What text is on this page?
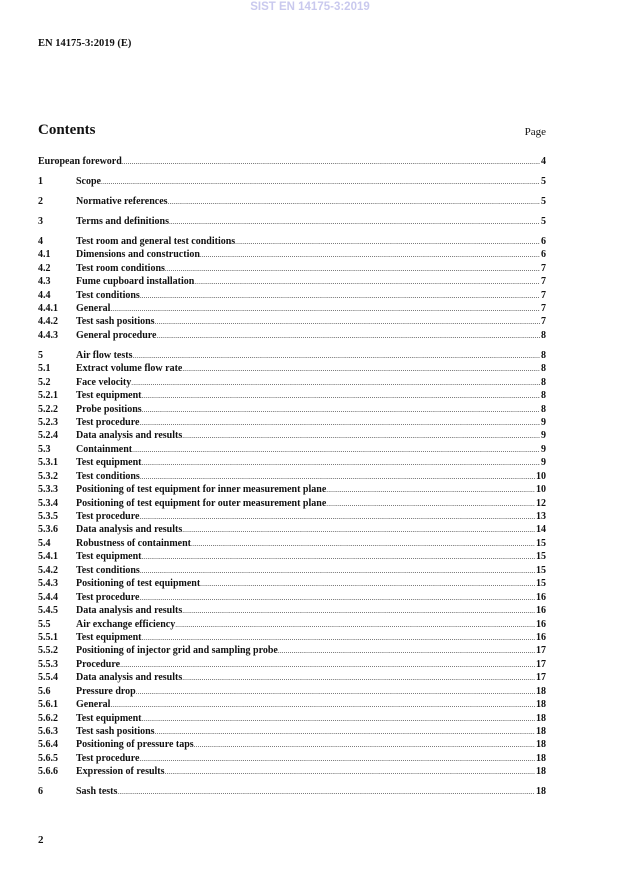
SIST EN 14175-3:2019
EN 14175-3:2019 (E)
Contents	Page
European foreword .....	4
1	Scope .....	5
2	Normative references .....	5
3	Terms and definitions .....	5
4	Test room and general test conditions .....	6
4.1	Dimensions and construction .....	6
4.2	Test room conditions .....	7
4.3	Fume cupboard installation .....	7
4.4	Test conditions .....	7
4.4.1	General .....	7
4.4.2	Test sash positions .....	7
4.4.3	General procedure .....	8
5	Air flow tests .....	8
5.1	Extract volume flow rate .....	8
5.2	Face velocity .....	8
5.2.1	Test equipment .....	8
5.2.2	Probe positions .....	8
5.2.3	Test procedure .....	9
5.2.4	Data analysis and results .....	9
5.3	Containment .....	9
5.3.1	Test equipment .....	9
5.3.2	Test conditions .....	10
5.3.3	Positioning of test equipment for inner measurement plane .....	10
5.3.4	Positioning of test equipment for outer measurement plane .....	12
5.3.5	Test procedure .....	13
5.3.6	Data analysis and results .....	14
5.4	Robustness of containment .....	15
5.4.1	Test equipment .....	15
5.4.2	Test conditions .....	15
5.4.3	Positioning of test equipment .....	15
5.4.4	Test procedure .....	16
5.4.5	Data analysis and results .....	16
5.5	Air exchange efficiency .....	16
5.5.1	Test equipment .....	16
5.5.2	Positioning of injector grid and sampling probe .....	17
5.5.3	Procedure .....	17
5.5.4	Data analysis and results .....	17
5.6	Pressure drop .....	18
5.6.1	General .....	18
5.6.2	Test equipment .....	18
5.6.3	Test sash positions .....	18
5.6.4	Positioning of pressure taps .....	18
5.6.5	Test procedure .....	18
5.6.6	Expression of results .....	18
6	Sash tests .....	18
2
